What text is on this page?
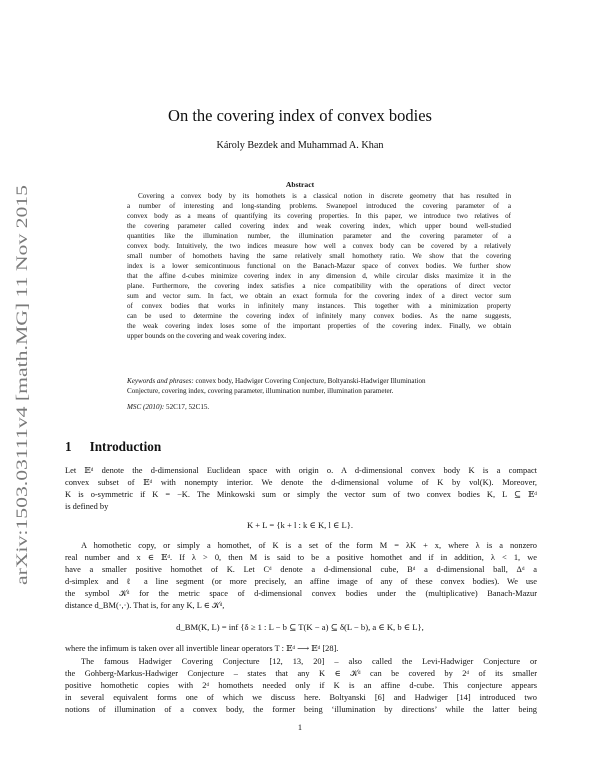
arXiv:1503.03111v4 [math.MG] 11 Nov 2015
On the covering index of convex bodies
Károly Bezdek and Muhammad A. Khan
Abstract
Covering a convex body by its homothets is a classical notion in discrete geometry that has resulted in
a number of interesting and long-standing problems. Swanepoel introduced the covering parameter of a
convex body as a means of quantifying its covering properties. In this paper, we introduce two relatives of
the covering parameter called covering index and weak covering index, which upper bound well-studied
quantities like the illumination number, the illumination parameter and the covering parameter of a
convex body. Intuitively, the two indices measure how well a convex body can be covered by a relatively
small number of homothets having the same relatively small homothety ratio. We show that the covering
index is a lower semicontinuous functional on the Banach-Mazur space of convex bodies. We further show
that the affine d-cubes minimize covering index in any dimension d, while circular disks maximize it in the
plane. Furthermore, the covering index satisfies a nice compatibility with the operations of direct vector
sum and vector sum. In fact, we obtain an exact formula for the covering index of a direct vector sum
of convex bodies that works in infinitely many instances. This together with a minimization property
can be used to determine the covering index of infinitely many convex bodies. As the name suggests,
the weak covering index loses some of the important properties of the covering index. Finally, we obtain
upper bounds on the covering and weak covering index.
Keywords and phrases: convex body, Hadwiger Covering Conjecture, Boltyanski-Hadwiger Illumination
Conjecture, covering index, covering parameter, illumination number, illumination parameter.
MSC (2010): 52C17, 52C15.
1 Introduction
Let 𝔼ᵈ denote the d-dimensional Euclidean space with origin o. A d-dimensional convex body K is a compact
convex subset of 𝔼ᵈ with nonempty interior. We denote the d-dimensional volume of K by vol(K). Moreover,
K is o-symmetric if K = −K. The Minkowski sum or simply the vector sum of two convex bodies K, L ⊆ 𝔼ᵈ
is defined by
K + L = {k + l : k ∈ K, l ∈ L}.
A homothetic copy, or simply a homothet, of K is a set of the form M = λK + x, where λ is a nonzero
real number and x ∈ 𝔼ᵈ. If λ > 0, then M is said to be a positive homothet and if in addition, λ < 1, we
have a smaller positive homothet of K. Let Cᵈ denote a d-dimensional cube, Bᵈ a d-dimensional ball, Δᵈ a
d-simplex and ℓ a line segment (or more precisely, an affine image of any of these convex bodies). We use
the symbol 𝒦ᵈ for the metric space of d-dimensional convex bodies under the (multiplicative) Banach-Mazur
distance d_BM(·,·). That is, for any K, L ∈ 𝒦ᵈ,
d_BM(K, L) = inf {δ ≥ 1 : L − b ⊆ T(K − a) ⊆ δ(L − b), a ∈ K, b ∈ L},
where the infimum is taken over all invertible linear operators T : 𝔼ᵈ ⟶ 𝔼ᵈ [28].
The famous Hadwiger Covering Conjecture [12, 13, 20] – also called the Levi-Hadwiger Conjecture or
the Gohberg-Markus-Hadwiger Conjecture – states that any K ∈ 𝒦ᵈ can be covered by 2ᵈ of its smaller
positive homothetic copies with 2ᵈ homothets needed only if K is an affine d-cube. This conjecture appears
in several equivalent forms one of which we discuss here. Boltyanski [6] and Hadwiger [14] introduced two
notions of illumination of a convex body, the former being ‘illumination by directions’ while the latter being
1
